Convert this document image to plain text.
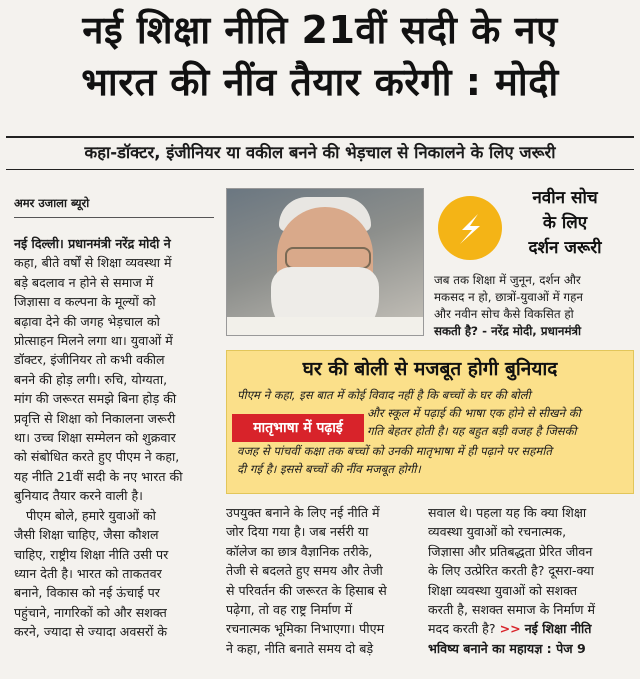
नई शिक्षा नीति 21वीं सदी के नए
भारत की नींव तैयार करेगी : मोदी
कहा-डॉक्टर, इंजीनियर या वकील बनने की भेड़चाल से निकालने के लिए जरूरी
अमर उजाला ब्यूरो
नई दिल्ली। प्रधानमंत्री नरेंद्र मोदी ने
कहा, बीते वर्षों से शिक्षा व्यवस्था में
बड़े बदलाव न होने से समाज में
जिज्ञासा व कल्पना के मूल्यों को
बढ़ावा देने की जगह भेड़चाल को
प्रोत्साहन मिलने लगा था। युवाओं में
डॉक्टर, इंजीनियर तो कभी वकील
बनने की होड़ लगी। रुचि, योग्यता,
मांग की जरूरत समझे बिना होड़ की
प्रवृत्ति से शिक्षा को निकालना जरूरी
था। उच्च शिक्षा सम्मेलन को शुक्रवार
को संबोधित करते हुए पीएम ने कहा,
यह नीति 21वीं सदी के नए भारत की
बुनियाद तैयार करने वाली है।
पीएम बोले, हमारे युवाओं को
जैसी शिक्षा चाहिए, जैसा कौशल
चाहिए, राष्ट्रीय शिक्षा नीति उसी पर
ध्यान देती है। भारत को ताकतवर
बनाने, विकास को नई ऊंचाई पर
पहुंचाने, नागरिकों को और सशक्त
करने, ज्यादा से ज्यादा अवसरों के
नवीन सोच
के लिए
दर्शन जरूरी
जब तक शिक्षा में जुनून, दर्शन और
मकसद न हो, छात्रों-युवाओं में गहन
और नवीन सोच कैसे विकसित हो
सकती है? - नरेंद्र मोदी, प्रधानमंत्री
घर की बोली से मजबूत होगी बुनियाद
पीएम ने कहा, इस बात में कोई विवाद नहीं है कि बच्चों के घर की बोली
और स्कूल में पढ़ाई की भाषा एक होने से सीखने की
गति बेहतर होती है। यह बहुत बड़ी वजह है जिसकी
वजह से पांचवीं कक्षा तक बच्चों को उनकी मातृभाषा में ही पढ़ाने पर सहमति
दी गई है। इससे बच्चों की नींव मजबूत होगी।
मातृभाषा में पढ़ाई
उपयुक्त बनाने के लिए नई नीति में
जोर दिया गया है। जब नर्सरी या
कॉलेज का छात्र वैज्ञानिक तरीके,
तेजी से बदलते हुए समय और तेजी
से परिवर्तन की जरूरत के हिसाब से
पढ़ेगा, तो वह राष्ट्र निर्माण में
रचनात्मक भूमिका निभाएगा। पीएम
ने कहा, नीति बनाते समय दो बड़े
सवाल थे। पहला यह कि क्या शिक्षा
व्यवस्था युवाओं को रचनात्मक,
जिज्ञासा और प्रतिबद्धता प्रेरित जीवन
के लिए उत्प्रेरित करती है? दूसरा-क्या
शिक्षा व्यवस्था युवाओं को सशक्त
करती है, सशक्त समाज के निर्माण में
मदद करती है? >> नई शिक्षा नीति
भविष्य बनाने का महायज्ञ : पेज 9
